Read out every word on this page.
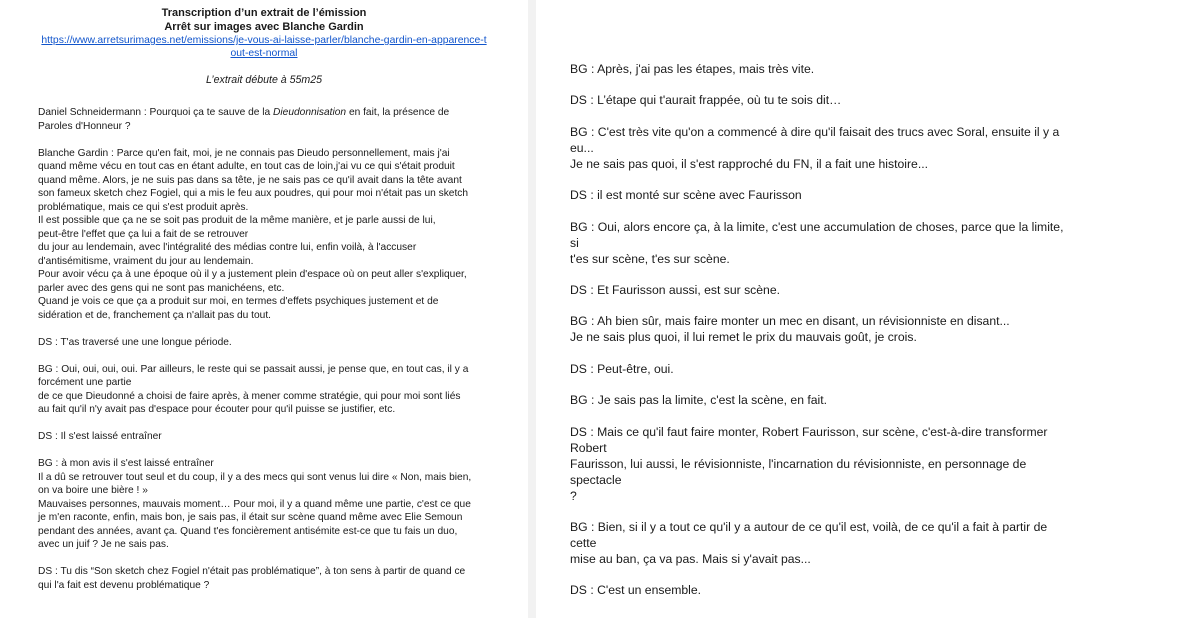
Transcription d’un extrait de l’émission
Arrêt sur images avec Blanche Gardin
https://www.arretsurimages.net/emissions/je-vous-ai-laisse-parler/blanche-gardin-en-apparence-tout-est-normal
L’extrait débute à 55m25
Daniel Schneidermann : Pourquoi ça te sauve de la Dieudonnisation en fait, la présence de
Paroles d'Honneur ?
Blanche Gardin : Parce qu'en fait, moi, je ne connais pas Dieudo personnellement, mais j'ai
quand même vécu en tout cas en étant adulte, en tout cas de loin,j'ai vu ce qui s'était produit
quand même. Alors, je ne suis pas dans sa tête, je ne sais pas ce qu'il avait dans la tête avant
son fameux sketch chez Fogiel, qui a mis le feu aux poudres, qui pour moi n'était pas un sketch
problématique, mais ce qui s'est produit après.
Il est possible que ça ne se soit pas produit de la même manière, et je parle aussi de lui,
peut-être l'effet que ça lui a fait de se retrouver
du jour au lendemain, avec l'intégralité des médias contre lui, enfin voilà, à l'accuser
d'antisémitisme, vraiment du jour au lendemain.
Pour avoir vécu ça à une époque où il y a justement plein d'espace où on peut aller s'expliquer,
parler avec des gens qui ne sont pas manichéens, etc.
Quand je vois ce que ça a produit sur moi, en termes d'effets psychiques justement et de
sidération et de, franchement ça n'allait pas du tout.
DS : T'as traversé une une longue période.
BG : Oui, oui, oui, oui. Par ailleurs, le reste qui se passait aussi, je pense que, en tout cas, il y a
forcément une partie
de ce que Dieudonné a choisi de faire après, à mener comme stratégie, qui pour moi sont liés
au fait qu'il n'y avait pas d'espace pour écouter pour qu'il puisse se justifier, etc.
DS : Il s'est laissé entraîner
BG : à mon avis il s'est laissé entraîner
Il a dû se retrouver tout seul et du coup, il y a des mecs qui sont venus lui dire « Non, mais bien,
on va boire une bière ! »
Mauvaises personnes, mauvais moment… Pour moi, il y a quand même une partie, c'est ce que
je m'en raconte, enfin, mais bon, je sais pas, il était sur scène quand même avec Elie Semoun
pendant des années, avant ça. Quand t'es foncièrement antisémite est-ce que tu fais un duo,
avec un juif ? Je ne sais pas.
DS : Tu dis “Son sketch chez Fogiel n'était pas problématique”, à ton sens à partir de quand ce
qui l'a fait est devenu problématique ?
BG : Après, j'ai pas les étapes, mais très vite.
DS : L’étape qui t'aurait frappée, où tu te sois dit…
BG : C'est très vite qu'on a commencé à dire qu'il faisait des trucs avec Soral, ensuite il y a eu...
Je ne sais pas quoi, il s'est rapproché du FN, il a fait une histoire...
DS : il est monté sur scène avec Faurisson
BG : Oui, alors encore ça, à la limite, c'est une accumulation de choses, parce que la limite, si
t'es sur scène, t'es sur scène.
DS : Et Faurisson aussi, est sur scène.
BG : Ah bien sûr, mais faire monter un mec en disant, un révisionniste en disant...
Je ne sais plus quoi, il lui remet le prix du mauvais goût, je crois.
DS : Peut-être, oui.
BG : Je sais pas la limite, c'est la scène, en fait.
DS : Mais ce qu'il faut faire monter, Robert Faurisson, sur scène, c'est-à-dire transformer Robert
Faurisson, lui aussi, le révisionniste, l'incarnation du révisionniste, en personnage de spectacle
?
BG : Bien, si il y a tout ce qu'il y a autour de ce qu'il est, voilà, de ce qu'il a fait à partir de cette
mise au ban, ça va pas. Mais si y'avait pas...
DS : C'est un ensemble.
